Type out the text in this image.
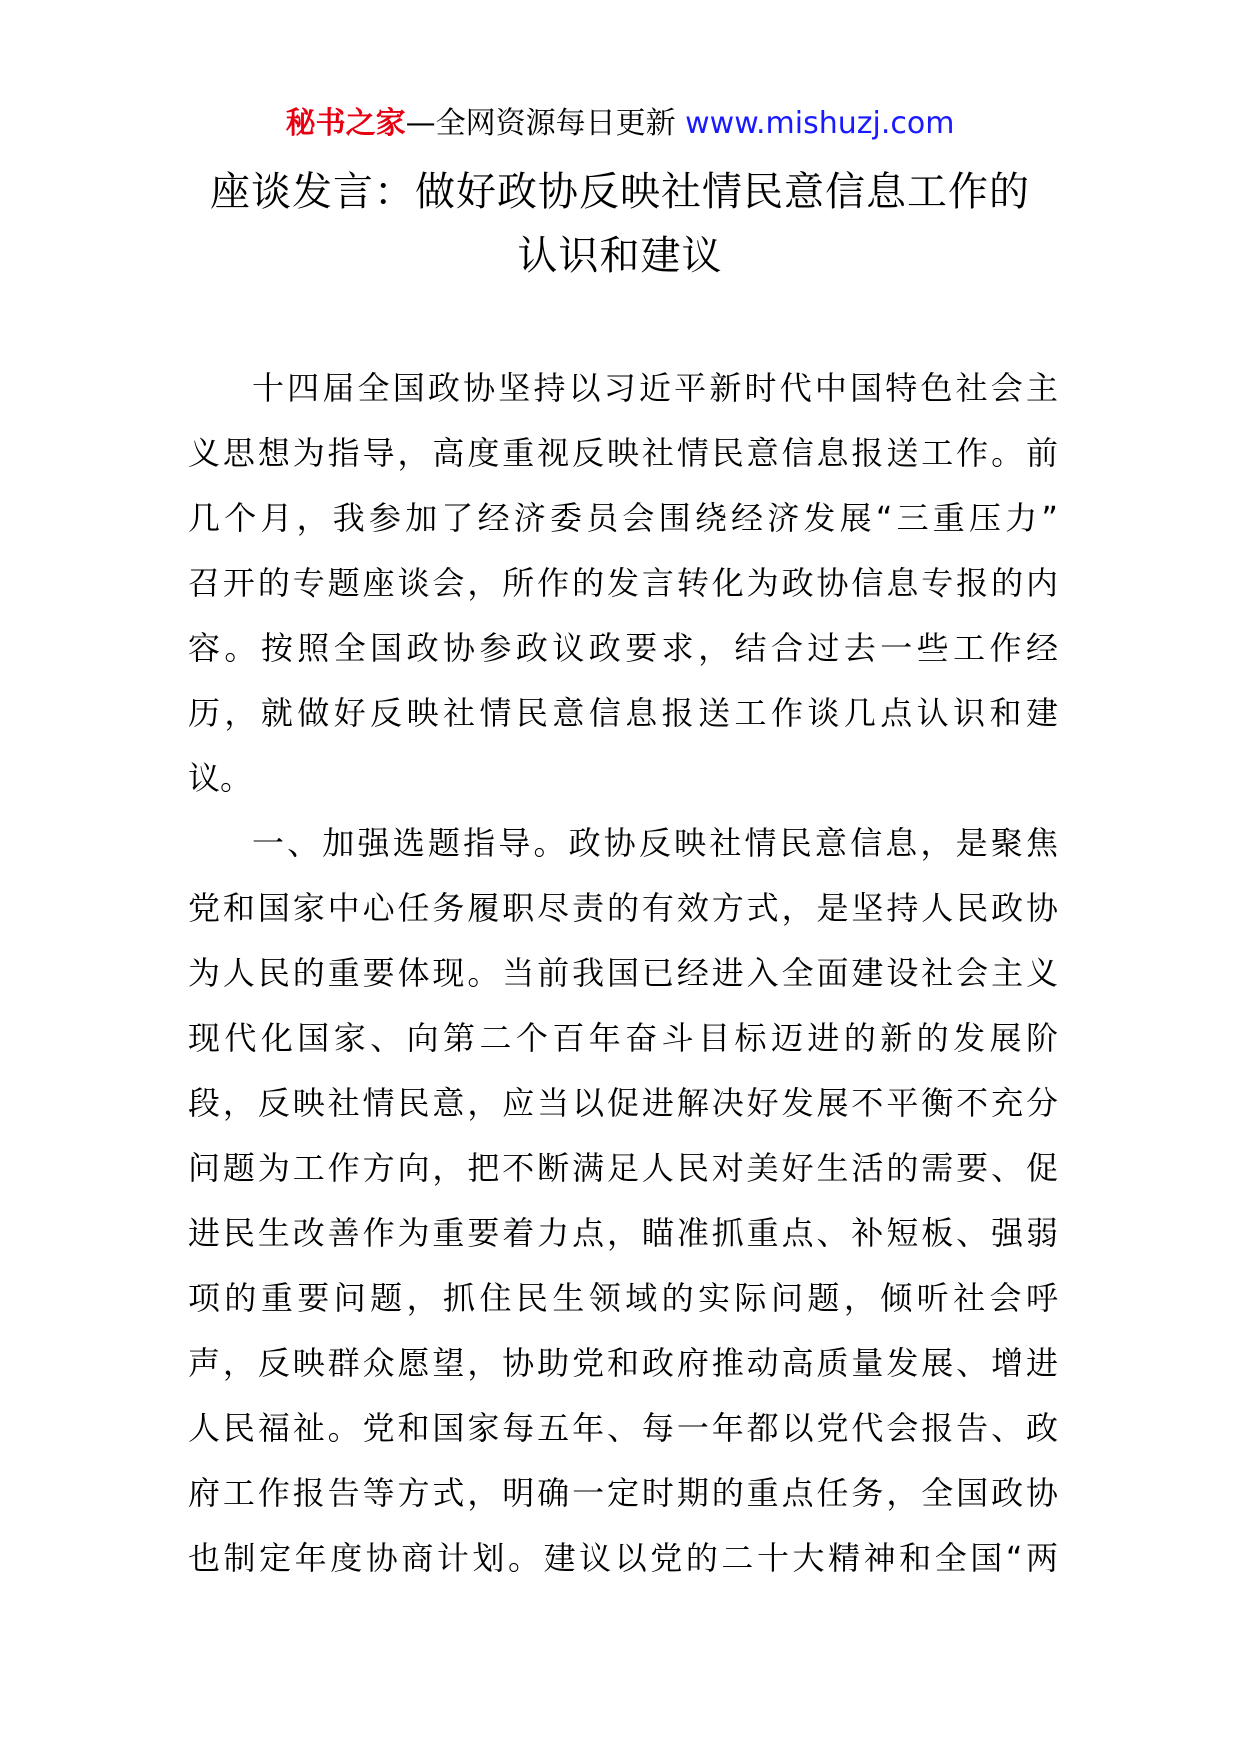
秘书之家—全网资源每日更新 www.mishuzj.com
座谈发言：做好政协反映社情民意信息工作的
认识和建议
十四届全国政协坚持以习近平新时代中国特色社会主
义思想为指导，高度重视反映社情民意信息报送工作。前
几个月，我参加了经济委员会围绕经济发展“三重压力”
召开的专题座谈会，所作的发言转化为政协信息专报的内
容。按照全国政协参政议政要求，结合过去一些工作经
历，就做好反映社情民意信息报送工作谈几点认识和建
议。
一、加强选题指导。政协反映社情民意信息，是聚焦
党和国家中心任务履职尽责的有效方式，是坚持人民政协
为人民的重要体现。当前我国已经进入全面建设社会主义
现代化国家、向第二个百年奋斗目标迈进的新的发展阶
段，反映社情民意，应当以促进解决好发展不平衡不充分
问题为工作方向，把不断满足人民对美好生活的需要、促
进民生改善作为重要着力点，瞄准抓重点、补短板、强弱
项的重要问题，抓住民生领域的实际问题，倾听社会呼
声，反映群众愿望，协助党和政府推动高质量发展、增进
人民福祉。党和国家每五年、每一年都以党代会报告、政
府工作报告等方式，明确一定时期的重点任务，全国政协
也制定年度协商计划。建议以党的二十大精神和全国“两
